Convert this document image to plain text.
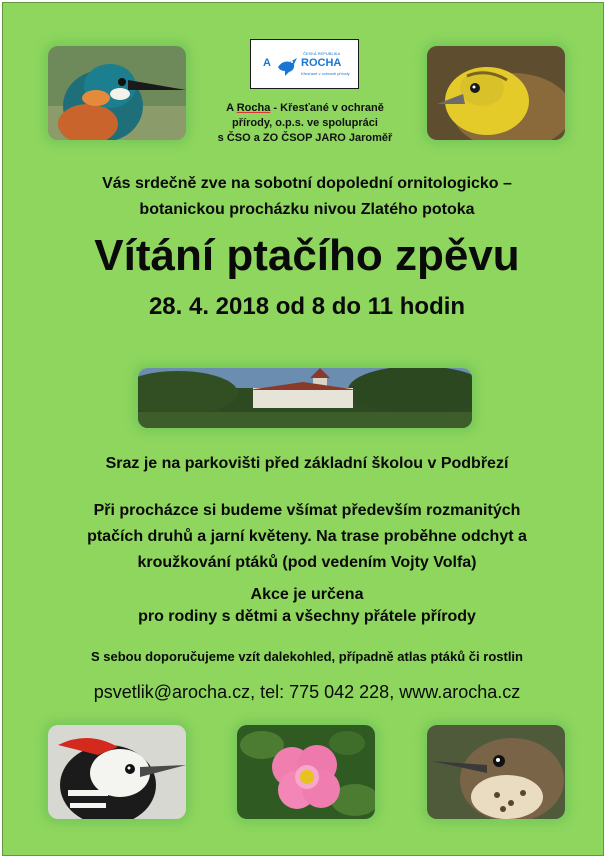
ČESKÁ REPUBLIKA
A	ROCHA
Křesťané v ochraně přírody
A Rocha - Křesťané v ochraně
přírody, o.p.s. ve spolupráci
s ČSO a ZO ČSOP JARO Jaroměř
Vás srdečně zve na sobotní dopolední ornitologicko –
botanickou procházku nivou Zlatého potoka
Vítání ptačího zpěvu
28. 4. 2018 od 8 do 11 hodin
Sraz je na parkovišti před základní školou v Podbřezí
Při procházce si budeme všímat především rozmanitých
ptačích druhů a jarní květeny. Na trase proběhne odchyt a
kroužkování ptáků (pod vedením Vojty Volfa)
Akce je určena
pro rodiny s dětmi a všechny přátele přírody
S sebou doporučujeme vzít dalekohled, případně atlas ptáků či rostlin
psvetlik@arocha.cz, tel: 775 042 228, www.arocha.cz
